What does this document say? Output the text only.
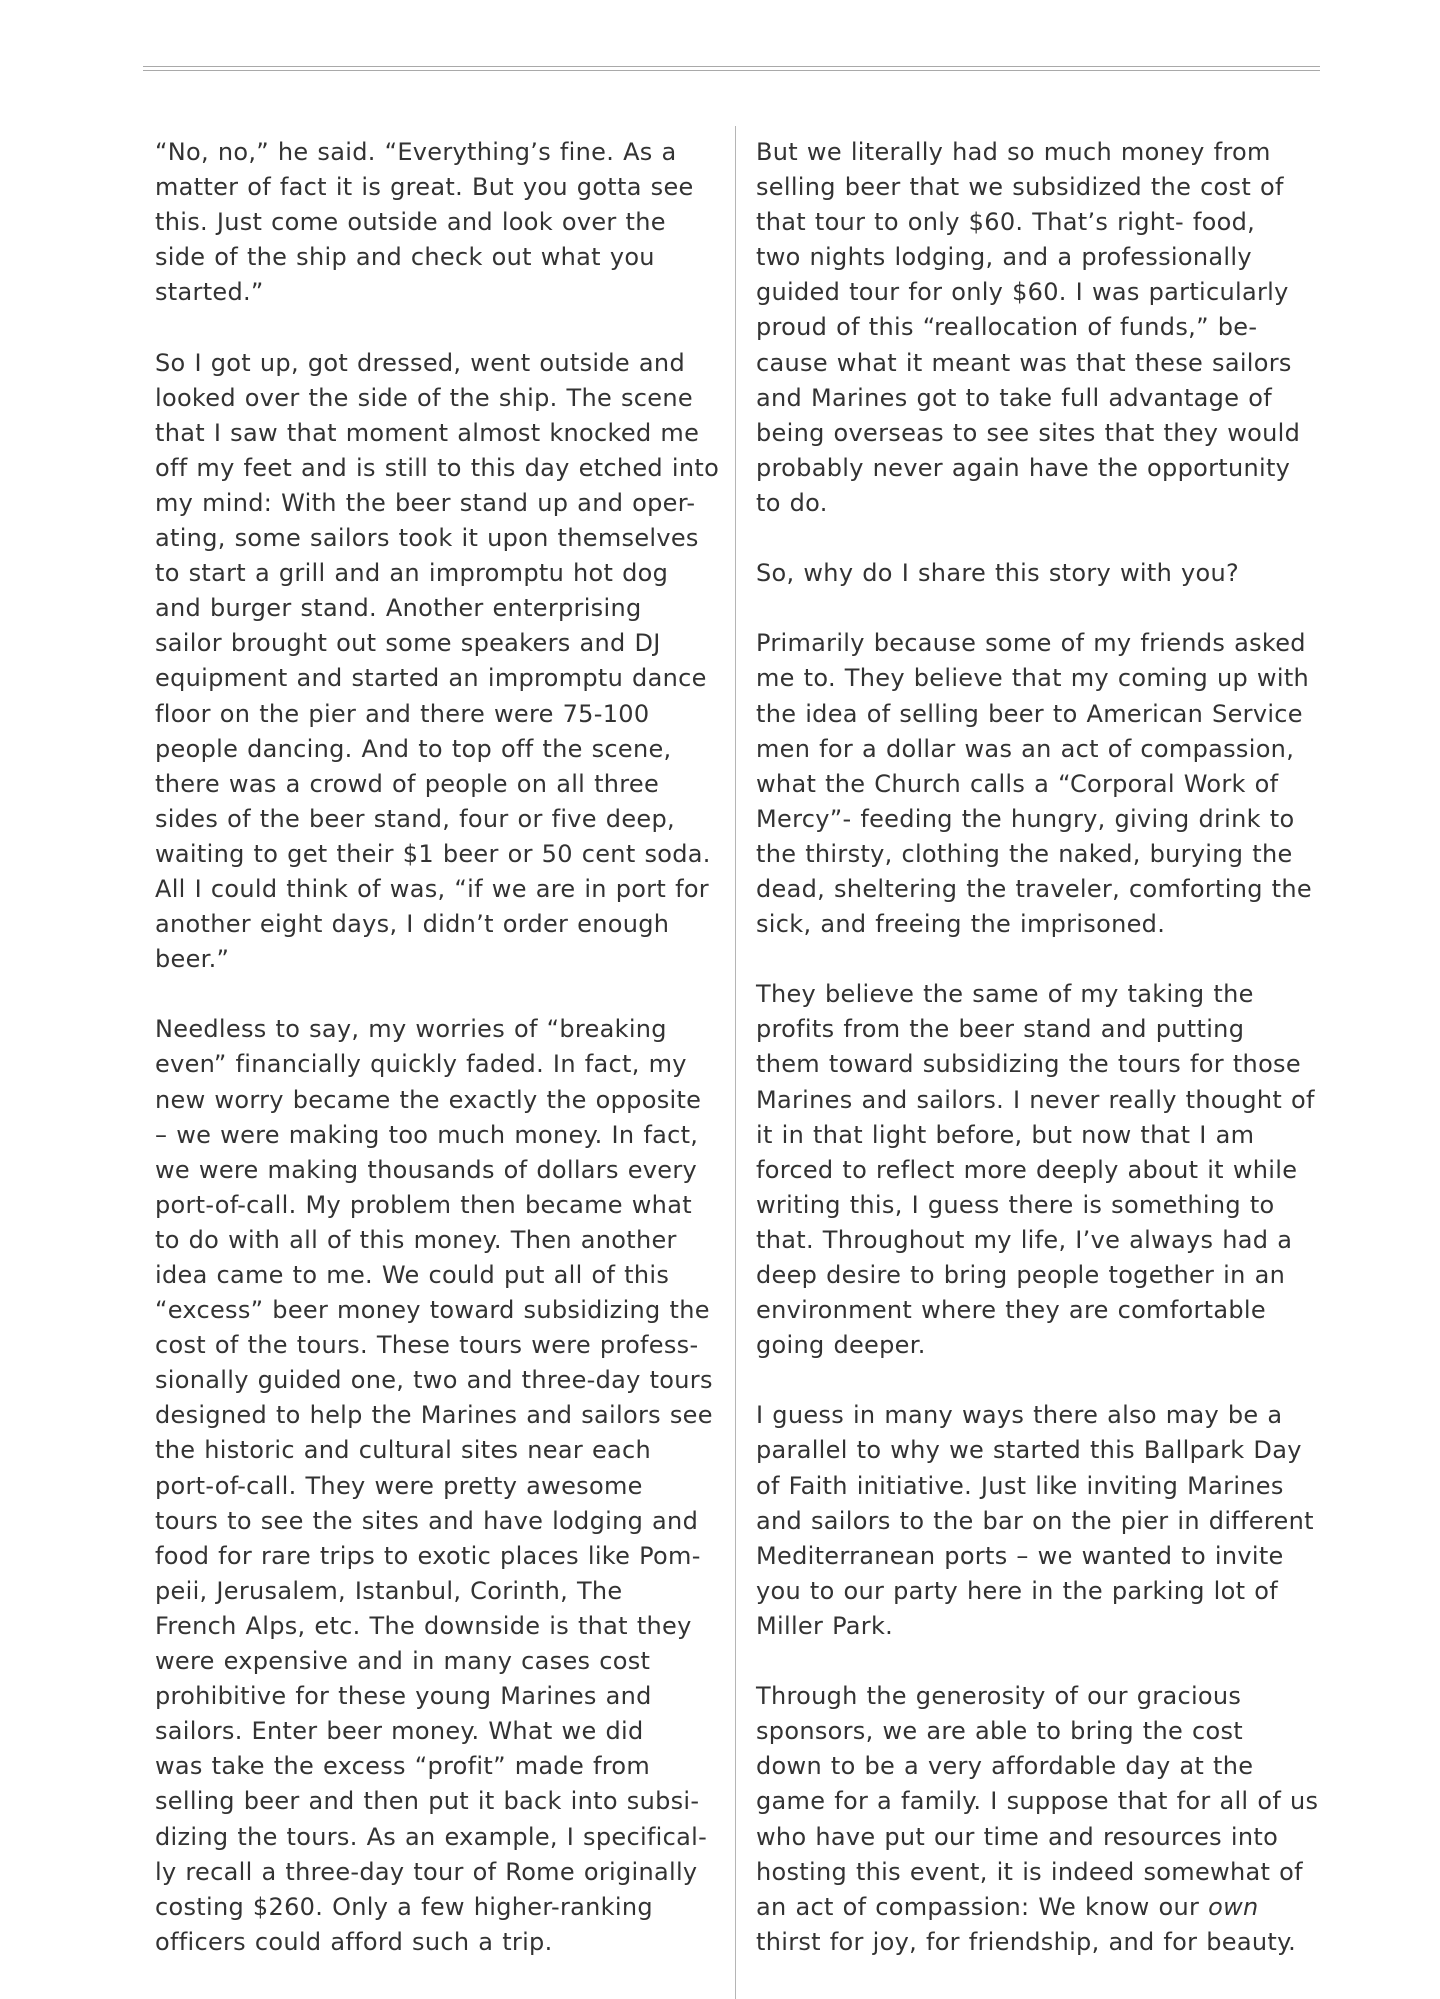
“No, no,” he said. “Everything’s fine. As a
matter of fact it is great. But you gotta see
this. Just come outside and look over the
side of the ship and check out what you
started.”

So I got up, got dressed, went outside and
looked over the side of the ship. The scene
that I saw that moment almost knocked me
off my feet and is still to this day etched into
my mind: With the beer stand up and oper-
ating, some sailors took it upon themselves
to start a grill and an impromptu hot dog
and burger stand. Another enterprising
sailor brought out some speakers and DJ
equipment and started an impromptu dance
floor on the pier and there were 75-100
people dancing. And to top off the scene,
there was a crowd of people on all three
sides of the beer stand, four or five deep,
waiting to get their $1 beer or 50 cent soda.
All I could think of was, “if we are in port for
another eight days, I didn’t order enough
beer.”

Needless to say, my worries of “breaking
even” financially quickly faded. In fact, my
new worry became the exactly the opposite
– we were making too much money. In fact,
we were making thousands of dollars every
port-of-call. My problem then became what
to do with all of this money. Then another
idea came to me. We could put all of this
“excess” beer money toward subsidizing the
cost of the tours. These tours were profess-
sionally guided one, two and three-day tours
designed to help the Marines and sailors see
the historic and cultural sites near each
port-of-call. They were pretty awesome
tours to see the sites and have lodging and
food for rare trips to exotic places like Pom-
peii, Jerusalem, Istanbul, Corinth, The
French Alps, etc. The downside is that they
were expensive and in many cases cost
prohibitive for these young Marines and
sailors. Enter beer money. What we did
was take the excess “profit” made from
selling beer and then put it back into subsi-
dizing the tours. As an example, I specifical-
ly recall a three-day tour of Rome originally
costing $260. Only a few higher-ranking
officers could afford such a trip.

But we literally had so much money from
selling beer that we subsidized the cost of
that tour to only $60. That’s right- food,
two nights lodging, and a professionally
guided tour for only $60. I was particularly
proud of this “reallocation of funds,” be-
cause what it meant was that these sailors
and Marines got to take full advantage of
being overseas to see sites that they would
probably never again have the opportunity
to do.

So, why do I share this story with you?

Primarily because some of my friends asked
me to. They believe that my coming up with
the idea of selling beer to American Service
men for a dollar was an act of compassion,
what the Church calls a “Corporal Work of
Mercy”- feeding the hungry, giving drink to
the thirsty, clothing the naked, burying the
dead, sheltering the traveler, comforting the
sick, and freeing the imprisoned.

They believe the same of my taking the
profits from the beer stand and putting
them toward subsidizing the tours for those
Marines and sailors. I never really thought of
it in that light before, but now that I am
forced to reflect more deeply about it while
writing this, I guess there is something to
that. Throughout my life, I’ve always had a
deep desire to bring people together in an
environment where they are comfortable
going deeper.

I guess in many ways there also may be a
parallel to why we started this Ballpark Day
of Faith initiative. Just like inviting Marines
and sailors to the bar on the pier in different
Mediterranean ports – we wanted to invite
you to our party here in the parking lot of
Miller Park.

Through the generosity of our gracious
sponsors, we are able to bring the cost
down to be a very affordable day at the
game for a family. I suppose that for all of us
who have put our time and resources into
hosting this event, it is indeed somewhat of
an act of compassion: We know our own
thirst for joy, for friendship, and for beauty.
